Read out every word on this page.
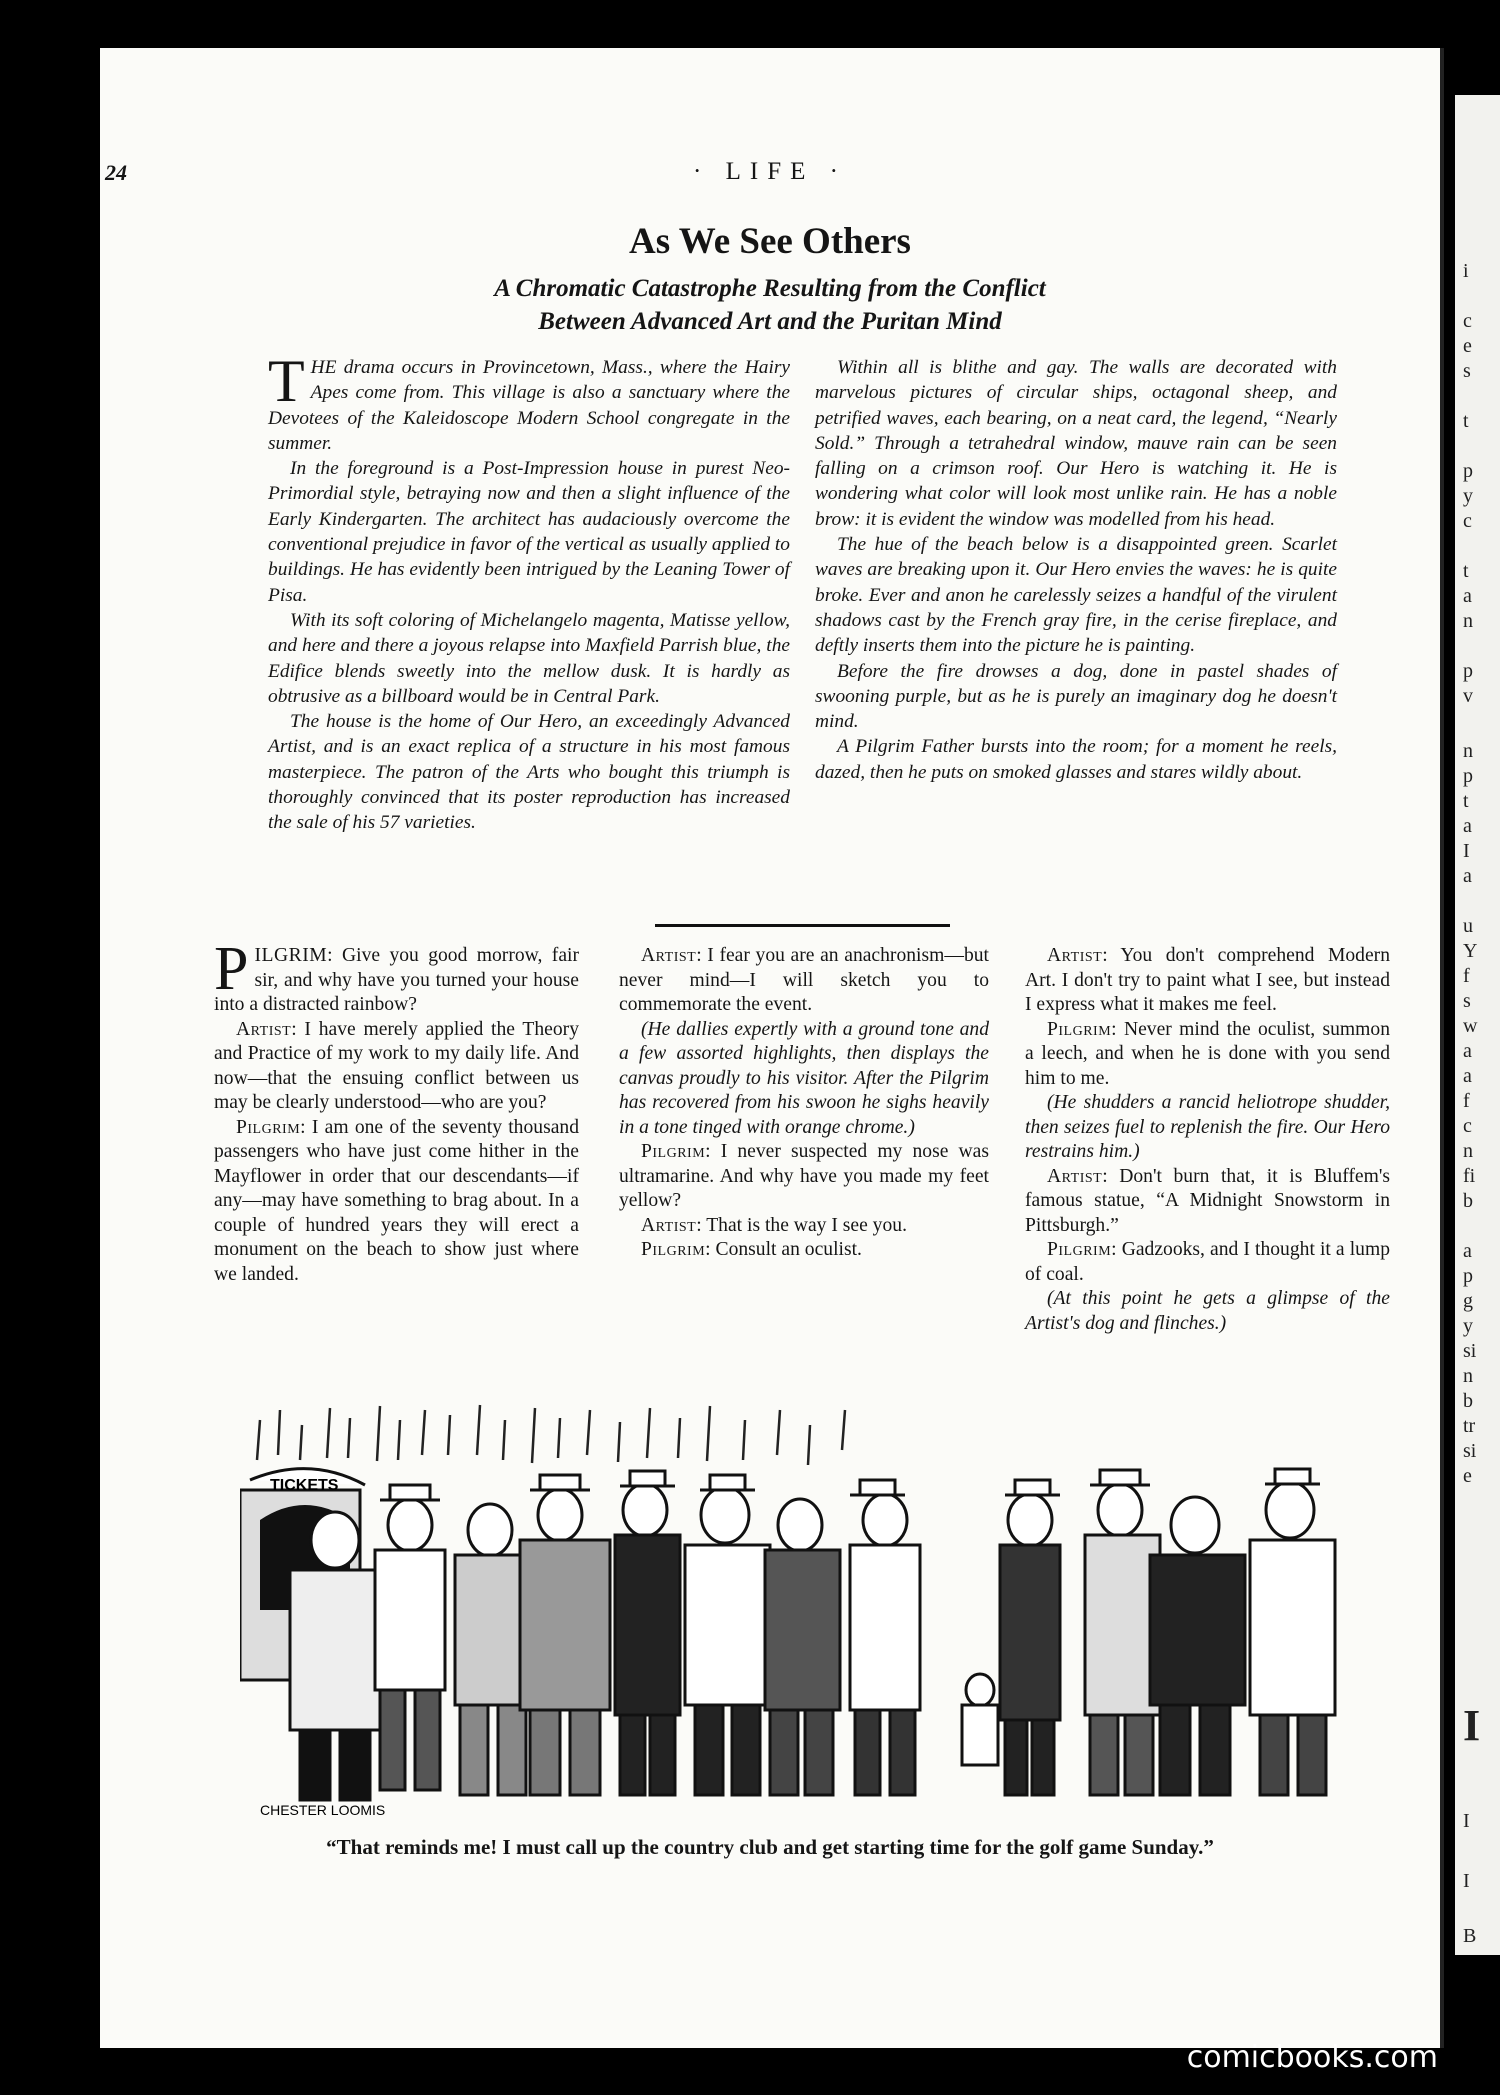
i
c
e
s
t
p
y
c
t
a
n
p
v
n
p
t
a
I
a
u
Y
f
s
w
a
a
f
c
n
fi
b
a
p
g
y
si
n
b
tr
si
e
I
I
I
B
24	· LIFE ·
As We See Others
A Chromatic Catastrophe Resulting from the Conflict
Between Advanced Art and the Puritan Mind

THE drama occurs in Provincetown, Mass., where the Hairy Apes come from. This village is also a sanctuary where the Devotees of the Kaleidoscope Modern School congregate in the summer.

In the foreground is a Post-Impression house in purest Neo-Primordial style, betraying now and then a slight influence of the Early Kindergarten. The architect has audaciously overcome the conventional prejudice in favor of the vertical as usually applied to buildings. He has evidently been intrigued by the Leaning Tower of Pisa.

With its soft coloring of Michelangelo magenta, Matisse yellow, and here and there a joyous relapse into Maxfield Parrish blue, the Edifice blends sweetly into the mellow dusk. It is hardly as obtrusive as a billboard would be in Central Park.

The house is the home of Our Hero, an exceedingly Advanced Artist, and is an exact replica of a structure in his most famous masterpiece. The patron of the Arts who bought this triumph is thoroughly convinced that its poster reproduction has increased the sale of his 57 varieties.

Within all is blithe and gay. The walls are decorated with marvelous pictures of circular ships, octagonal sheep, and petrified waves, each bearing, on a neat card, the legend, “Nearly Sold.” Through a tetrahedral window, mauve rain can be seen falling on a crimson roof. Our Hero is watching it. He is wondering what color will look most unlike rain. He has a noble brow: it is evident the window was modelled from his head.

The hue of the beach below is a disappointed green. Scarlet waves are breaking upon it. Our Hero envies the waves: he is quite broke. Ever and anon he carelessly seizes a handful of the virulent shadows cast by the French gray fire, in the cerise fireplace, and deftly inserts them into the picture he is painting.

Before the fire drowses a dog, done in pastel shades of swooning purple, but as he is purely an imaginary dog he doesn't mind.

A Pilgrim Father bursts into the room; for a moment he reels, dazed, then he puts on smoked glasses and stares wildly about.

PILGRIM: Give you good morrow, fair sir, and why have you turned your house into a distracted rainbow?

Artist: I have merely applied the Theory and Practice of my work to my daily life. And now—that the ensuing conflict between us may be clearly understood—who are you?

Pilgrim: I am one of the seventy thousand passengers who have just come hither in the Mayflower in order that our descendants—if any—may have something to brag about. In a couple of hundred years they will erect a monument on the beach to show just where we landed.

Artist: I fear you are an anachronism—but never mind—I will sketch you to commemorate the event.

(He dallies expertly with a ground tone and a few assorted highlights, then displays the canvas proudly to his visitor. After the Pilgrim has recovered from his swoon he sighs heavily in a tone tinged with orange chrome.)

Pilgrim: I never suspected my nose was ultramarine. And why have you made my feet yellow?

Artist: That is the way I see you.

Pilgrim: Consult an oculist.

Artist: You don't comprehend Modern Art. I don't try to paint what I see, but instead I express what it makes me feel.

Pilgrim: Never mind the oculist, summon a leech, and when he is done with you send him to me.

(He shudders a rancid heliotrope shudder, then seizes fuel to replenish the fire. Our Hero restrains him.)

Artist: Don't burn that, it is Bluffem's famous statue, “A Midnight Snowstorm in Pittsburgh.”

Pilgrim: Gadzooks, and I thought it a lump of coal.

(At this point he gets a glimpse of the Artist's dog and flinches.)

TICKETS
CHESTER LOOMIS
“That reminds me! I must call up the country club and get starting time for the golf game Sunday.”
comicbooks.com
